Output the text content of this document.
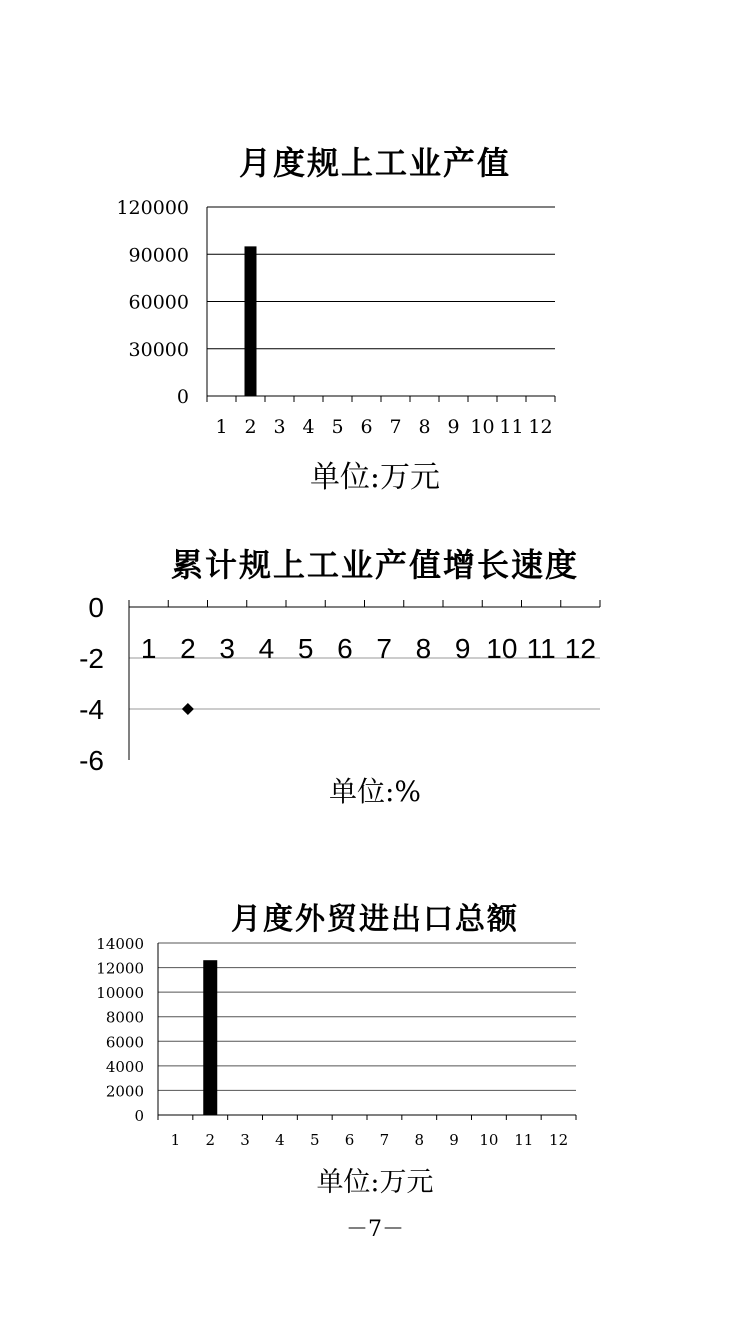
月度规上工业产值
120000
90000
60000
30000
0
1 2 3 4 5 6 7 8 9 10 11 12
单位:万元
累计规上工业产值增长速度
0
-2
-4
-6
1 2 3 4 5 6 7 8 9 10 11 12
单位:%
月度外贸进出口总额
14000
12000
10000
8000
6000
4000
2000
0
1 2 3 4 5 6 7 8 9 10 11 12
单位:万元
－7－
